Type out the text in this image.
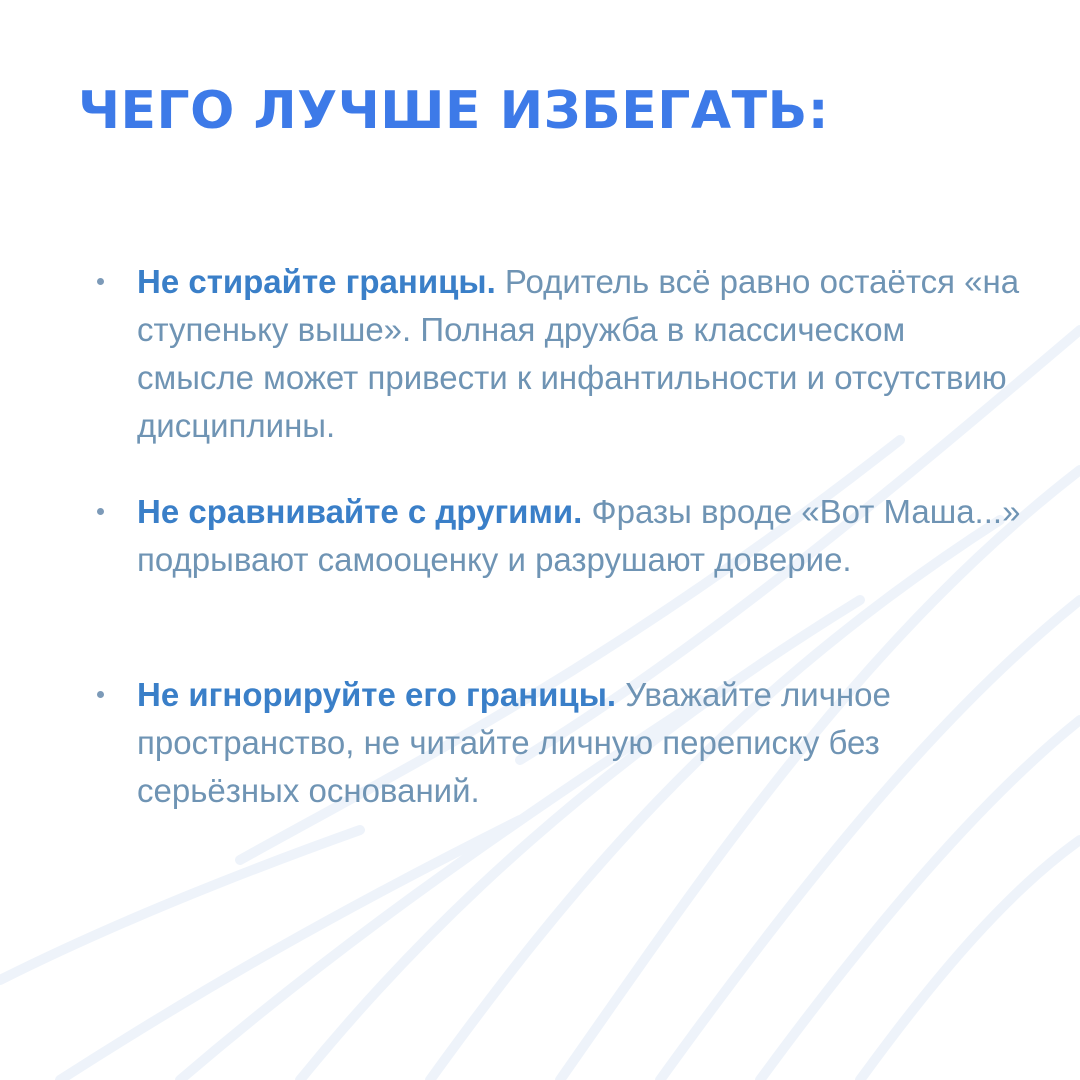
ЧЕГО ЛУЧШЕ ИЗБЕГАТЬ:

Не стирайте границы. Родитель всё равно остаётся «на ступеньку выше». Полная дружба в классическом смысле может привести к инфантильности и отсутствию дисциплины.

Не сравнивайте с другими. Фразы вроде «Вот Маша...» подрывают самооценку и разрушают доверие.

Не игнорируйте его границы. Уважайте личное пространство, не читайте личную переписку без серьёзных оснований.
